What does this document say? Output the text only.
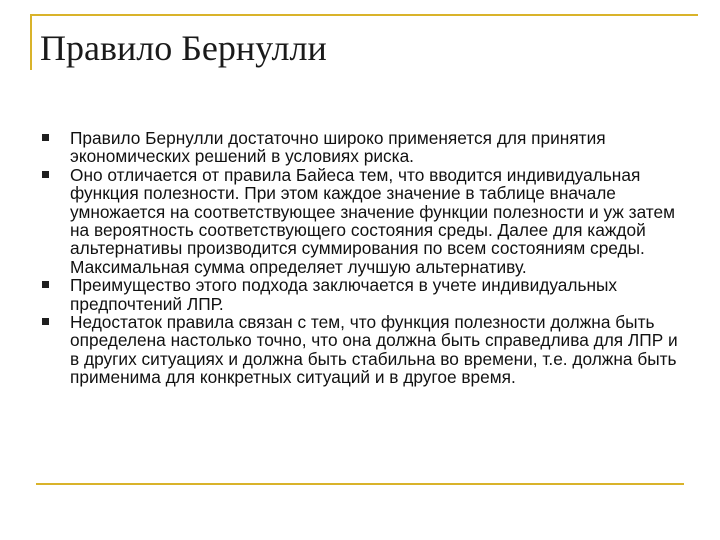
Правило Бернулли
Правило Бернулли достаточно широко применяется для принятия экономических решений в условиях риска.
Оно отличается от правила Байеса тем, что вводится индивидуальная функция полезности. При этом каждое значение в таблице вначале умножается на соответствующее значение функции полезности и уж затем на вероятность соответствующего состояния среды. Далее для каждой альтернативы производится суммирования по всем состояниям среды. Максимальная сумма определяет лучшую альтернативу.
Преимущество этого подхода заключается в учете индивидуальных предпочтений ЛПР.
Недостаток правила связан с тем, что функция полезности должна быть определена настолько точно, что она должна быть справедлива для ЛПР и в других ситуациях и должна быть стабильна во времени, т.е. должна быть применима для конкретных ситуаций и в другое время.
